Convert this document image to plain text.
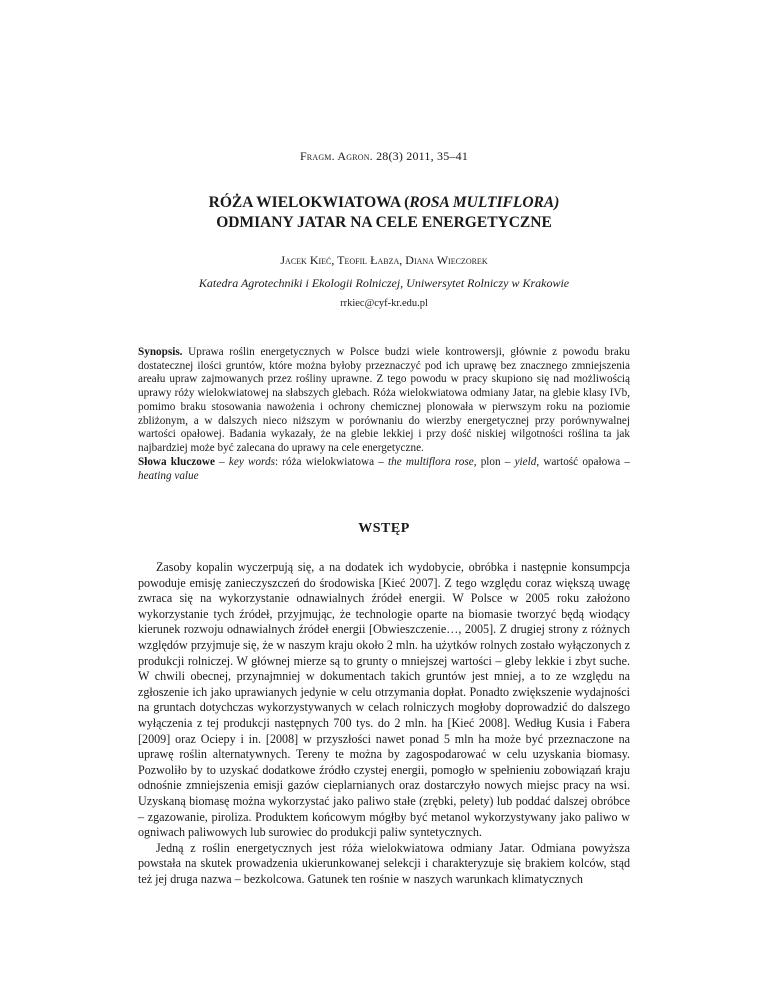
Fragm. Agron. 28(3) 2011, 35–41
RÓŻA WIELOKWIATOWA (ROSA MULTIFLORA)
ODMIANY JATAR NA CELE ENERGETYCZNE
Jacek Kieć, Teofil Łabza, Diana Wieczorek
Katedra Agrotechniki i Ekologii Rolniczej, Uniwersytet Rolniczy w Krakowie
rrkiec@cyf-kr.edu.pl
Synopsis. Uprawa roślin energetycznych w Polsce budzi wiele kontrowersji, głównie z powodu braku dostatecznej ilości gruntów, które można byłoby przeznaczyć pod ich uprawę bez znacznego zmniejszenia areału upraw zajmowanych przez rośliny uprawne. Z tego powodu w pracy skupiono się nad możliwością uprawy róży wielokwiatowej na słabszych glebach. Róża wielokwiatowa odmiany Jatar, na glebie klasy IVb, pomimo braku stosowania nawożenia i ochrony chemicznej plonowała w pierwszym roku na poziomie zbliżonym, a w dalszych nieco niższym w porównaniu do wierzby energetycznej przy porównywalnej wartości opałowej. Badania wykazały, że na glebie lekkiej i przy dość niskiej wilgotności roślina ta jak najbardziej może być zalecana do uprawy na cele energetyczne.
Słowa kluczowe – key words: róża wielokwiatowa – the multiflora rose, plon – yield, wartość opałowa – heating value
WSTĘP

Zasoby kopalin wyczerpują się, a na dodatek ich wydobycie, obróbka i następnie konsumpcja powoduje emisję zanieczyszczeń do środowiska [Kieć 2007]. Z tego względu coraz większą uwagę zwraca się na wykorzystanie odnawialnych źródeł energii. W Polsce w 2005 roku założono wykorzystanie tych źródeł, przyjmując, że technologie oparte na biomasie tworzyć będą wiodący kierunek rozwoju odnawialnych źródeł energii [Obwieszczenie…, 2005]. Z drugiej strony z różnych względów przyjmuje się, że w naszym kraju około 2 mln. ha użytków rolnych zostało wyłączonych z produkcji rolniczej. W głównej mierze są to grunty o mniejszej wartości – gleby lekkie i zbyt suche. W chwili obecnej, przynajmniej w dokumentach takich gruntów jest mniej, a to ze względu na zgłoszenie ich jako uprawianych jedynie w celu otrzymania dopłat. Ponadto zwiększenie wydajności na gruntach dotychczas wykorzystywanych w celach rolniczych mogłoby doprowadzić do dalszego wyłączenia z tej produkcji następnych 700 tys. do 2 mln. ha [Kieć 2008]. Według Kusia i Fabera [2009] oraz Ociepy i in. [2008] w przyszłości nawet ponad 5 mln ha może być przeznaczone na uprawę roślin alternatywnych. Tereny te można by zagospodarować w celu uzyskania biomasy. Pozwoliło by to uzyskać dodatkowe źródło czystej energii, pomogło w spełnieniu zobowiązań kraju odnośnie zmniejszenia emisji gazów cieplarnianych oraz dostarczyło nowych miejsc pracy na wsi. Uzyskaną biomasę można wykorzystać jako paliwo stałe (zrębki, pelety) lub poddać dalszej obróbce – zgazowanie, piroliza. Produktem końcowym mógłby być metanol wykorzystywany jako paliwo w ogniwach paliwowych lub surowiec do produkcji paliw syntetycznych.

Jedną z roślin energetycznych jest róża wielokwiatowa odmiany Jatar. Odmiana powyższa powstała na skutek prowadzenia ukierunkowanej selekcji i charakteryzuje się brakiem kolców, stąd też jej druga nazwa – bezkolcowa. Gatunek ten rośnie w naszych warunkach klimatycznych
